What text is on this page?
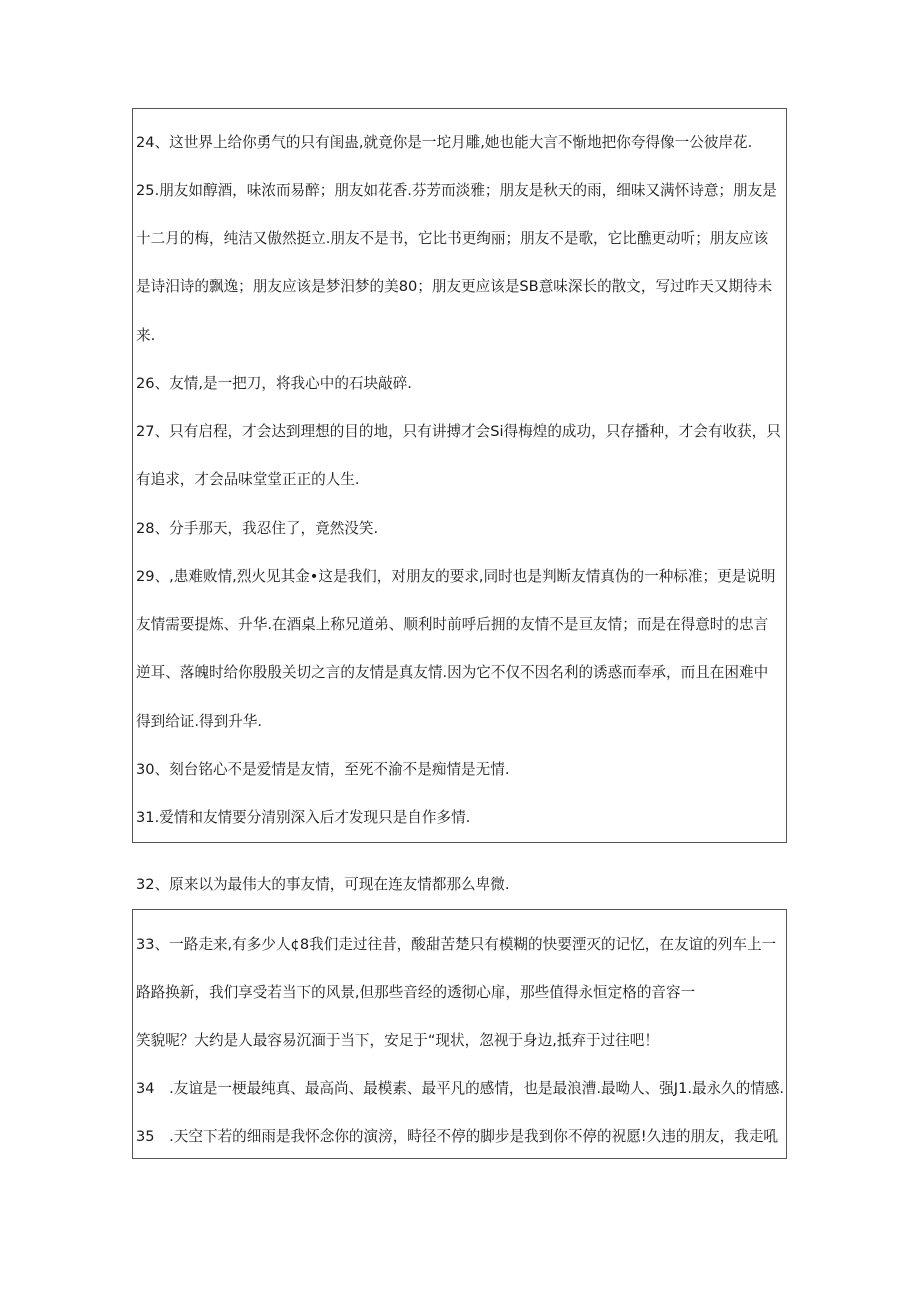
24、这世界上给你勇气的只有闺蛊,就竟你是一坨月雕,她也能大言不惭地把你夸得像一公彼岸花.
25.朋友如醇酒，味浓而易醉；朋友如花香.芬芳而淡雅；朋友是秋天的雨，细味又满怀诗意；朋友是
十二月的梅，纯洁又傲然挺立.朋友不是书，它比书更绚丽；朋友不是歌，它比醮更动听；朋友应该
是诗汨诗的飘逸；朋友应该是梦汨梦的美80；朋友更应该是SB意味深长的散文，写过昨天又期待未
来.
26、友情,是一把刀，将我心中的石块敲碎.
27、只有启程，才会达到理想的目的地，只有讲搏才会Si得梅煌的成功，只存播种，才会有收获，只
有追求，才会品味堂堂正正的人生.
28、分手那天，我忍住了，竟然没笑.
29、,患难败情,烈火见其金•这是我们，对朋友的要求,同时也是判断友情真伪的一种标准；更是说明
友情需要提炼、升华.在酒桌上称兄道弟、顺利时前呼后拥的友情不是亘友情；而是在得意时的忠言
逆耳、落魄时给你殷殷关切之言的友情是真友情.因为它不仅不因名利的诱惑而奉承，而且在困难中
得到给证.得到升华.
30、刻台铭心不是爱情是友情，至死不渝不是痴情是无情.
31.爱情和友情要分清别深入后才发现只是自作多情.
32、原来以为最伟大的事友情，可现在连友情都那么卑微.
33、一路走来,有多少人¢8我们走过往昔，酸甜苦楚只有模糊的快要湮灭的记忆，在友谊的列车上一
路路换新，我们享受若当下的风景,但那些音经的透彻心扉，那些值得永恒定格的音容一
笑貌呢？大约是人最容易沉湎于当下，安足于“现状，忽视于身边,抵弃于过往吧！
34　.友谊是一梗最纯真、最高尚、最模素、最平凡的感情，也是最浪漕.最呦人、强J1.最永久的情感.
35　.天空下若的细雨是我怀念你的演滂，畤径不停的脚步是我到你不停的祝愿!久违的朋友，我走吼
